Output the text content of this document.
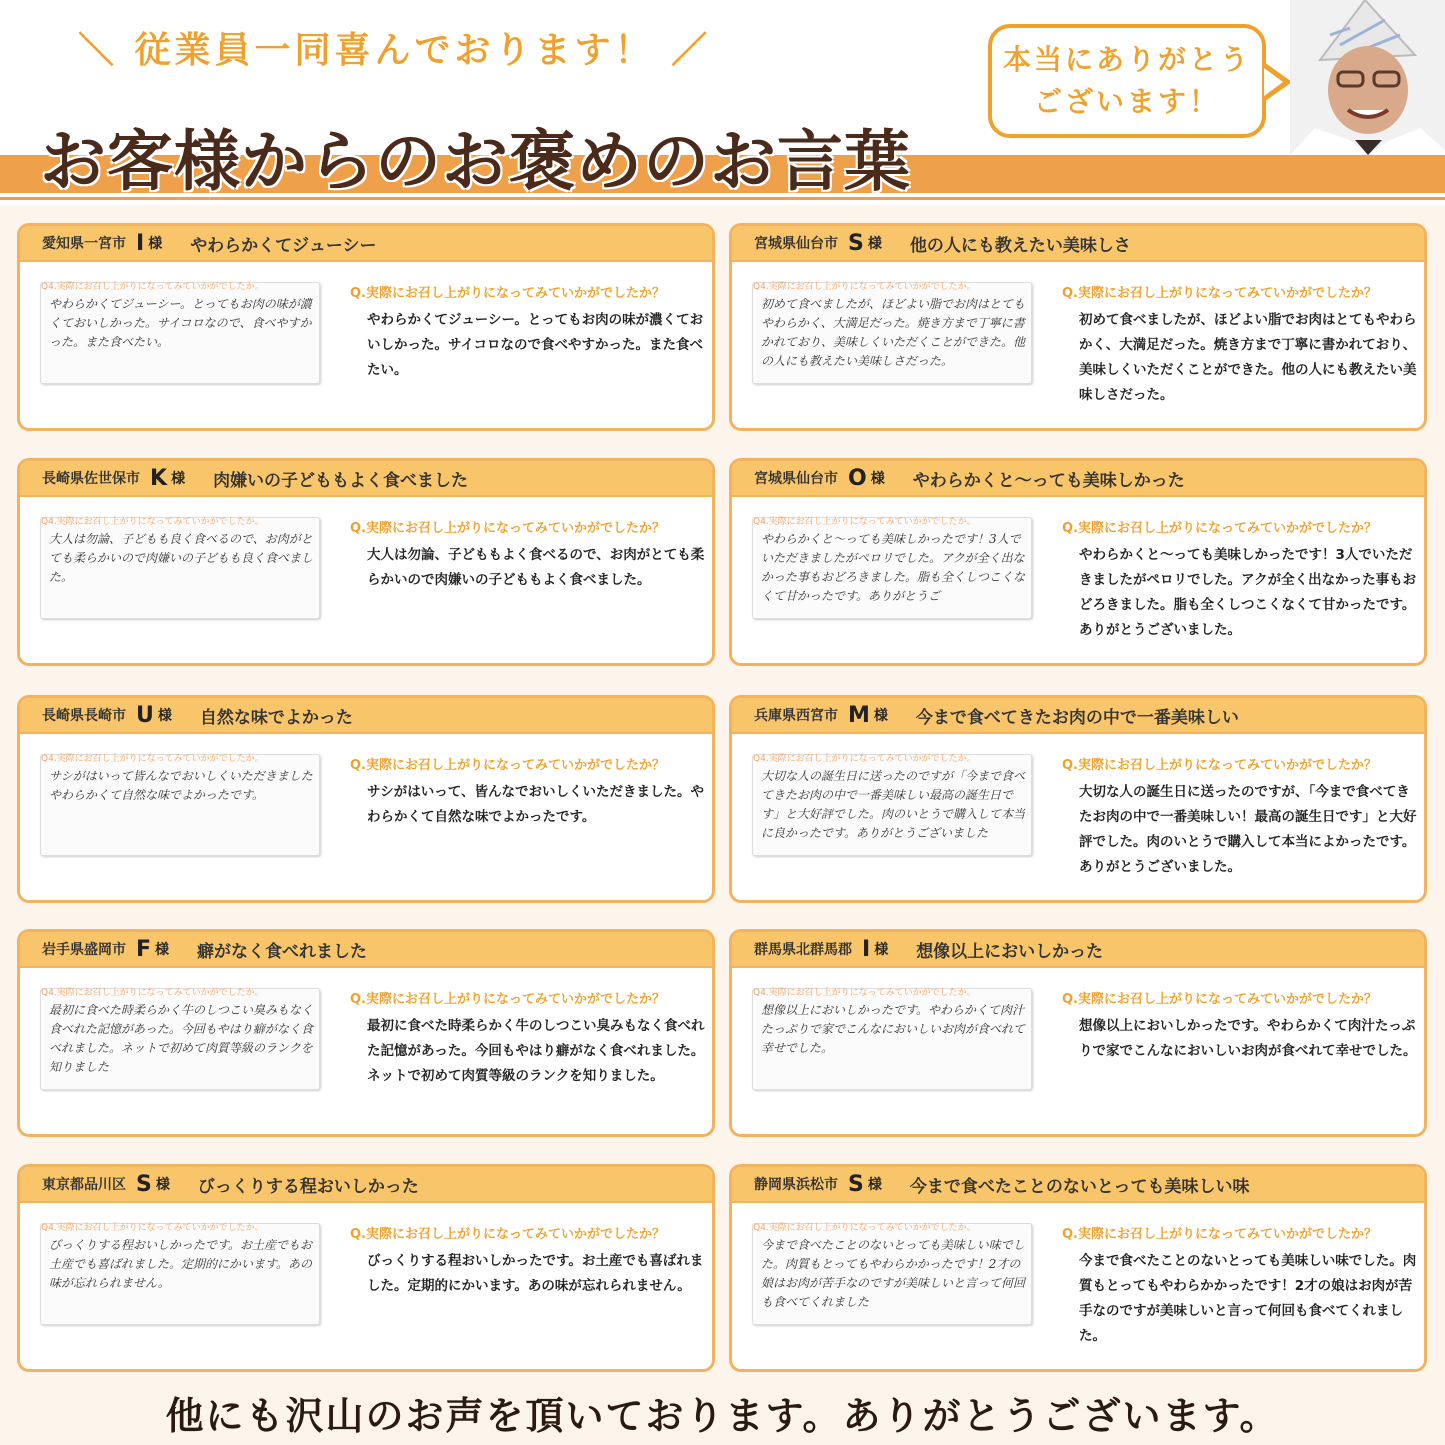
＼ 従業員一同喜んでおります！ ／
お客様からのお褒めのお言葉
本当にありがとう
ございます！
愛知県一宮市 I 様 やわらかくてジューシー
Q4.実際にお召し上がりになってみていかがでしたか。
やわらかくてジューシー。とってもお肉の味が濃くておいしかった。サイコロなので、食べやすかった。また食べたい。
Q.実際にお召し上がりになってみていかがでしたか？
やわらかくてジューシー。とってもお肉の味が濃くておいしかった。サイコロなので食べやすかった。また食べたい。
宮城県仙台市 S 様 他の人にも教えたい美味しさ
Q4.実際にお召し上がりになってみていかがでしたか。
初めて食べましたが、ほどよい脂でお肉はとてもやわらかく、大満足だった。焼き方まで丁寧に書かれており、美味しくいただくことができた。他の人にも教えたい美味しさだった。
Q.実際にお召し上がりになってみていかがでしたか？
初めて食べましたが、ほどよい脂でお肉はとてもやわらかく、大満足だった。焼き方まで丁寧に書かれており、美味しくいただくことができた。他の人にも教えたい美味しさだった。
長崎県佐世保市 K 様 肉嫌いの子どももよく食べました
Q4.実際にお召し上がりになってみていかがでしたか。
大人は勿論、子どもも良く食べるので、お肉がとても柔らかいので肉嫌いの子どもも良く食べました。
Q.実際にお召し上がりになってみていかがでしたか？
大人は勿論、子どももよく食べるので、お肉がとても柔らかいので肉嫌いの子どももよく食べました。
宮城県仙台市 O 様 やわらかくと～っても美味しかった
Q4.実際にお召し上がりになってみていかがでしたか。
やわらかくと～っても美味しかったです！3人でいただきましたがペロリでした。アクが全く出なかった事もおどろきました。脂も全くしつこくなくて甘かったです。ありがとうご
Q.実際にお召し上がりになってみていかがでしたか？
やわらかくと～っても美味しかったです！3人でいただきましたがペロリでした。アクが全く出なかった事もおどろきました。脂も全くしつこくなくて甘かったです。ありがとうございました。
長崎県長崎市 U 様 自然な味でよかった
Q4.実際にお召し上がりになってみていかがでしたか。
サシがはいって皆んなでおいしくいただきましたやわらかくて自然な味でよかったです。
Q.実際にお召し上がりになってみていかがでしたか？
サシがはいって、皆んなでおいしくいただきました。やわらかくて自然な味でよかったです。
兵庫県西宮市 M 様 今まで食べてきたお肉の中で一番美味しい
Q4.実際にお召し上がりになってみていかがでしたか。
大切な人の誕生日に送ったのですが「今まで食べてきたお肉の中で一番美味しい最高の誕生日です」と大好評でした。肉のいとうで購入して本当に良かったです。ありがとうございました
Q.実際にお召し上がりになってみていかがでしたか？
大切な人の誕生日に送ったのですが、「今まで食べてきたお肉の中で一番美味しい！最高の誕生日です」と大好評でした。肉のいとうで購入して本当によかったです。ありがとうございました。
岩手県盛岡市 F 様 癖がなく食べれました
Q4.実際にお召し上がりになってみていかがでしたか。
最初に食べた時柔らかく牛のしつこい臭みもなく食べれた記憶があった。今回もやはり癖がなく食べれました。ネットで初めて肉質等級のランクを知りました
Q.実際にお召し上がりになってみていかがでしたか？
最初に食べた時柔らかく牛のしつこい臭みもなく食べれた記憶があった。今回もやはり癖がなく食べれました。ネットで初めて肉質等級のランクを知りました。
群馬県北群馬郡 I 様 想像以上においしかった
Q4.実際にお召し上がりになってみていかがでしたか。
想像以上においしかったです。やわらかくて肉汁たっぷりで家でこんなにおいしいお肉が食べれて幸せでした。
Q.実際にお召し上がりになってみていかがでしたか？
想像以上においしかったです。やわらかくて肉汁たっぷりで家でこんなにおいしいお肉が食べれて幸せでした。
東京都品川区 S 様 びっくりする程おいしかった
Q4.実際にお召し上がりになってみていかがでしたか。
びっくりする程おいしかったです。お土産でもお土産でも喜ばれました。定期的にかいます。あの味が忘れられません。
Q.実際にお召し上がりになってみていかがでしたか？
びっくりする程おいしかったです。お土産でも喜ばれました。定期的にかいます。あの味が忘れられません。
静岡県浜松市 S 様 今まで食べたことのないとっても美味しい味
Q4.実際にお召し上がりになってみていかがでしたか。
今まで食べたことのないとっても美味しい味でした。肉質もとってもやわらかかったです！2才の娘はお肉が苦手なのですが美味しいと言って何回も食べてくれました
Q.実際にお召し上がりになってみていかがでしたか？
今まで食べたことのないとっても美味しい味でした。肉質もとってもやわらかかったです！2才の娘はお肉が苦手なのですが美味しいと言って何回も食べてくれました。
他にも沢山のお声を頂いております。ありがとうございます。
